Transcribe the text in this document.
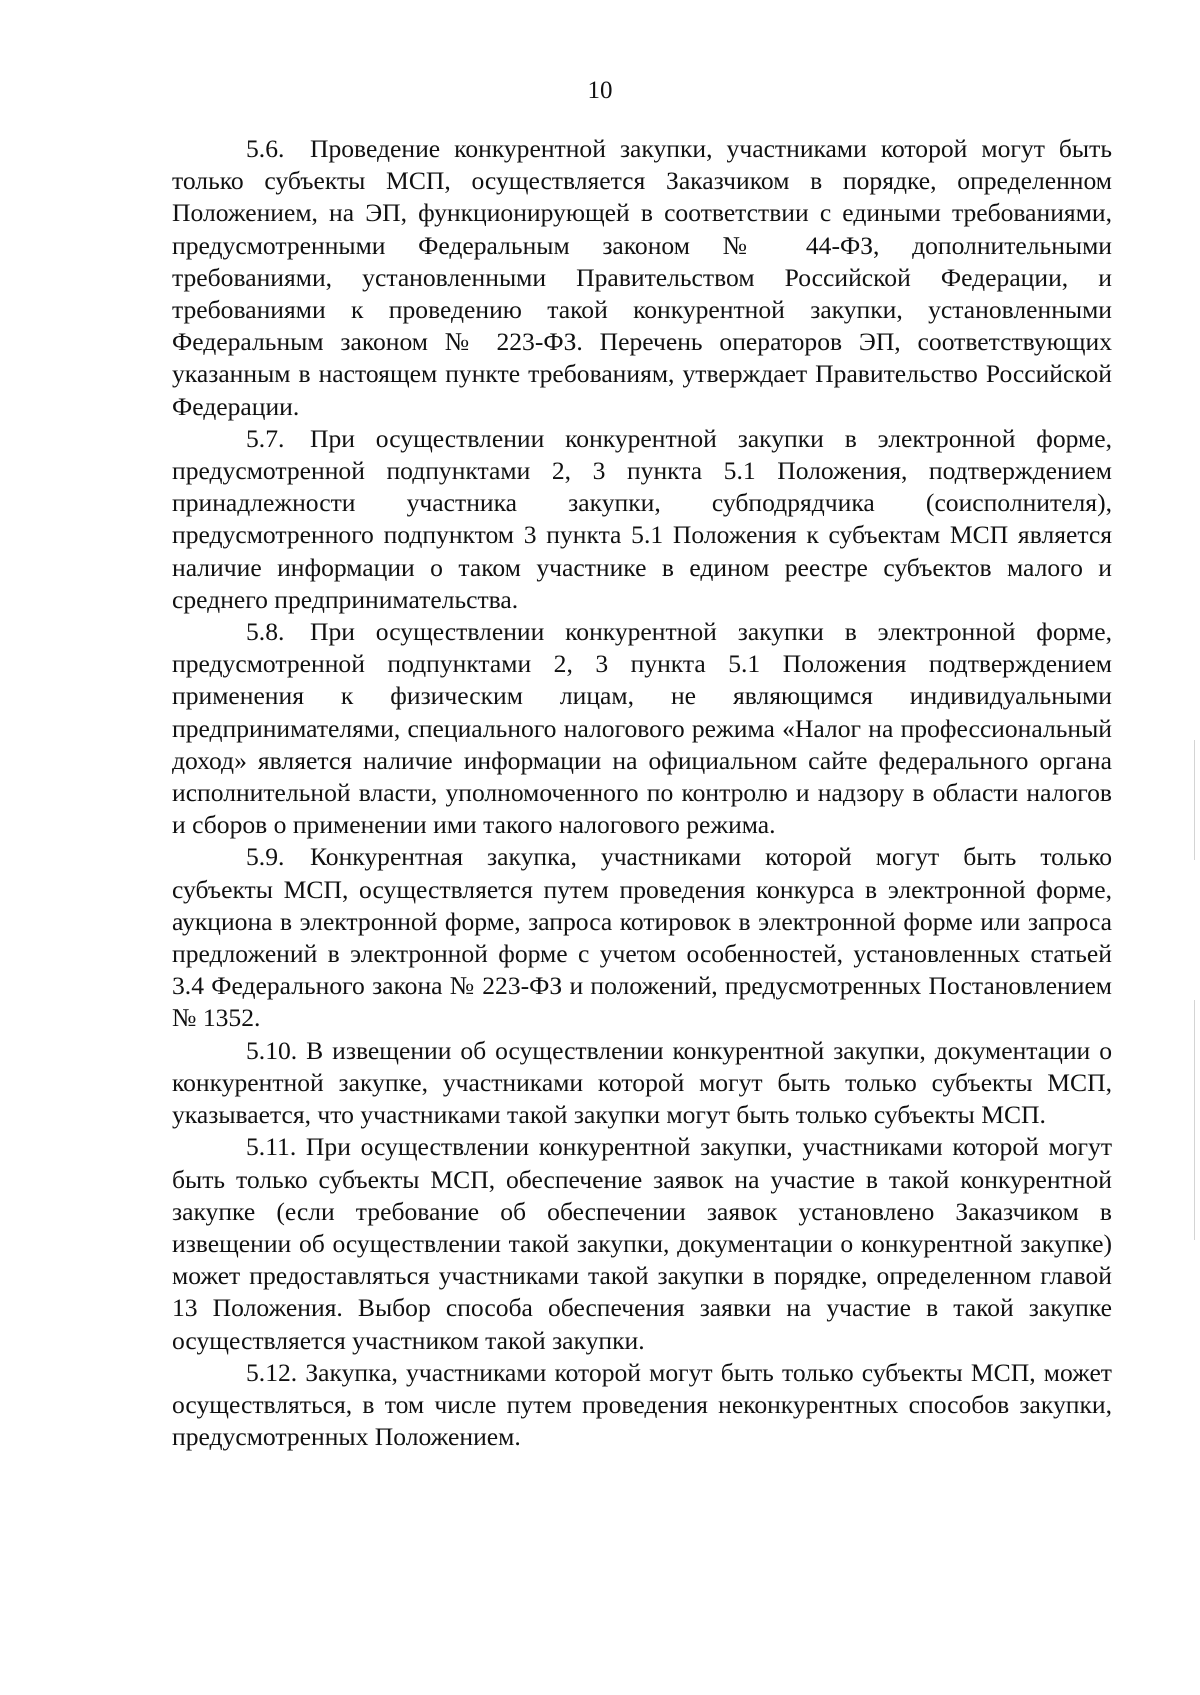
10

5.6. Проведение конкурентной закупки, участниками которой могут быть только субъекты МСП, осуществляется Заказчиком в порядке, определенном Положением, на ЭП, функционирующей в соответствии с едиными требованиями, предусмотренными Федеральным законом № 44-ФЗ, дополнительными требованиями, установленными Правительством Российской Федерации, и требованиями к проведению такой конкурентной закупки, установленными Федеральным законом № 223-ФЗ. Перечень операторов ЭП, соответствующих указанным в настоящем пункте требованиям, утверждает Правительство Российской Федерации.

5.7. При осуществлении конкурентной закупки в электронной форме, предусмотренной подпунктами 2, 3 пункта 5.1 Положения, подтверждением принадлежности участника закупки, субподрядчика (соисполнителя), предусмотренного подпунктом 3 пункта 5.1 Положения к субъектам МСП является наличие информации о таком участнике в едином реестре субъектов малого и среднего предпринимательства.

5.8. При осуществлении конкурентной закупки в электронной форме, предусмотренной подпунктами 2, 3 пункта 5.1 Положения подтверждением применения к физическим лицам, не являющимся индивидуальными предпринимателями, специального налогового режима «Налог на профессиональный доход» является наличие информации на официальном сайте федерального органа исполнительной власти, уполномоченного по контролю и надзору в области налогов и сборов о применении ими такого налогового режима.

5.9. Конкурентная закупка, участниками которой могут быть только субъекты МСП, осуществляется путем проведения конкурса в электронной форме, аукциона в электронной форме, запроса котировок в электронной форме или запроса предложений в электронной форме с учетом особенностей, установленных статьей 3.4 Федерального закона № 223-ФЗ и положений, предусмотренных Постановлением № 1352.

5.10. В извещении об осуществлении конкурентной закупки, документации о конкурентной закупке, участниками которой могут быть только субъекты МСП, указывается, что участниками такой закупки могут быть только субъекты МСП.

5.11. При осуществлении конкурентной закупки, участниками которой могут быть только субъекты МСП, обеспечение заявок на участие в такой конкурентной закупке (если требование об обеспечении заявок установлено Заказчиком в извещении об осуществлении такой закупки, документации о конкурентной закупке) может предоставляться участниками такой закупки в порядке, определенном главой 13 Положения. Выбор способа обеспечения заявки на участие в такой закупке осуществляется участником такой закупки.

5.12. Закупка, участниками которой могут быть только субъекты МСП, может осуществляться, в том числе путем проведения неконкурентных способов закупки, предусмотренных Положением.
